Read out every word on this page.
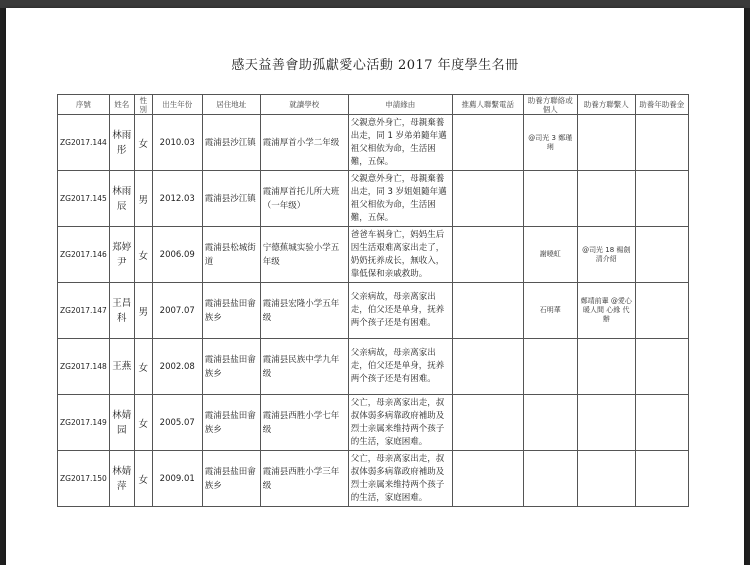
感天益善會助孤獻愛心活動 2017 年度學生名冊
序號	姓名	性別	出生年份	居住地址	就讀學校	申請緣由	推薦人聯繫電話	助養方聯絡或個人	助養方聯繫人	助養年助養金
ZG2017.144	林雨彤	女	2010.03	霞浦县沙江镇	霞浦厚首小学二年级	父親意外身亡，母親棄養出走，同 1 岁弟弟隨年邁祖父相依为命，生活困難，五保。		@司光 3 鄭瑾琍		
ZG2017.145	林雨辰	男	2012.03	霞浦县沙江镇	霞浦厚首托儿所大班（一年级）	父親意外身亡，母親棄養出走，同 3 岁姐姐隨年邁祖父相依为命，生活困難，五保。				
ZG2017.146	郑婷尹	女	2006.09	霞浦县松城街道	宁德蕉城实验小学五年级	爸爸车祸身亡，妈妈生后因生活艰难离家出走了，奶奶抚养成长，無收入，靠低保和亲戚救助。		謝曉虹	@司光 18 楊劍清介紹	
ZG2017.147	王昌科	男	2007.07	霞浦县盐田畲族乡	霞浦县宏隆小学五年级	父亲病故，母亲离家出走，伯父还是单身，抚养两个孩子还是有困难。		石明華	鄭靖前輩 @愛心暖人間 心緣 代辦	
ZG2017.148	王燕	女	2002.08	霞浦县盐田畲族乡	霞浦县民族中学九年级	父亲病故，母亲离家出走，伯父还是单身，抚养两个孩子还是有困难。				
ZG2017.149	林婧园	女	2005.07	霞浦县盐田畲族乡	霞浦县西胜小学七年级	父亡，母亲离家出走，叔叔体弱多病靠政府補助及烈士亲属来维持两个孩子的生活，家庭困难。				
ZG2017.150	林婧萍	女	2009.01	霞浦县盐田畲族乡	霞浦县西胜小学三年级	父亡，母亲离家出走，叔叔体弱多病靠政府補助及烈士亲属来维持两个孩子的生活，家庭困难。				
